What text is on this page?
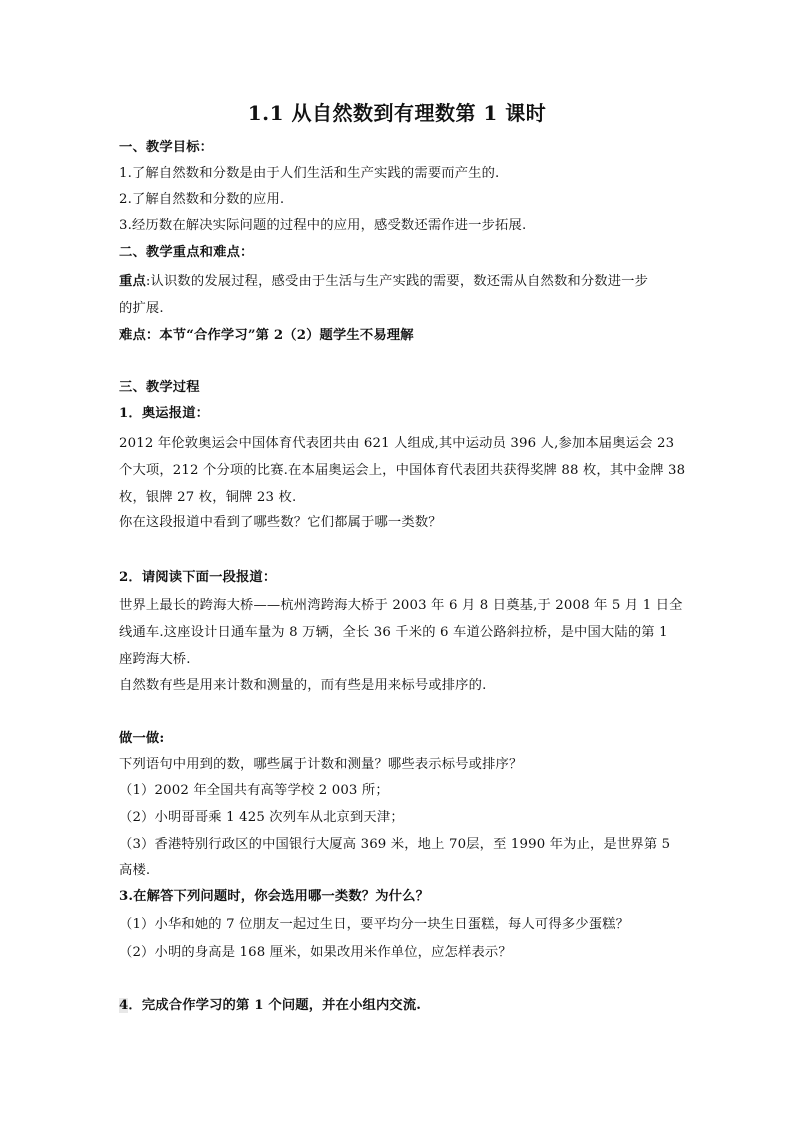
1.1 从自然数到有理数第 1 课时
一、教学目标：
1.了解自然数和分数是由于人们生活和生产实践的需要而产生的.
2.了解自然数和分数的应用.
3.经历数在解决实际问题的过程中的应用，感受数还需作进一步拓展.
二、教学重点和难点：
重点:认识数的发展过程，感受由于生活与生产实践的需要，数还需从自然数和分数进一步
的扩展.
难点：本节“合作学习”第 2（2）题学生不易理解
三、教学过程
1．奥运报道：
2012 年伦敦奥运会中国体育代表团共由 621 人组成,其中运动员 396 人,参加本届奥运会 23
个大项，212 个分项的比赛.在本届奥运会上，中国体育代表团共获得奖牌 88 枚，其中金牌 38
枚，银牌 27 枚，铜牌 23 枚.
你在这段报道中看到了哪些数？它们都属于哪一类数？
2．请阅读下面一段报道：
世界上最长的跨海大桥——杭州湾跨海大桥于 2003 年 6 月 8 日奠基,于 2008 年 5 月 1 日全
线通车.这座设计日通车量为 8 万辆，全长 36 千米的 6 车道公路斜拉桥，是中国大陆的第 1
座跨海大桥.
自然数有些是用来计数和测量的，而有些是用来标号或排序的.
做一做:
下列语句中用到的数，哪些属于计数和测量？哪些表示标号或排序？
（1）2002 年全国共有高等学校 2 003 所；
（2）小明哥哥乘 1 425 次列车从北京到天津；
（3）香港特别行政区的中国银行大厦高 369 米，地上 70层，至 1990 年为止，是世界第 5
高楼.
3.在解答下列问题时，你会选用哪一类数？为什么？
（1）小华和她的 7 位朋友一起过生日，要平均分一块生日蛋糕，每人可得多少蛋糕？
（2）小明的身高是 168 厘米，如果改用米作单位，应怎样表示？
4．完成合作学习的第 1 个问题，并在小组内交流.
